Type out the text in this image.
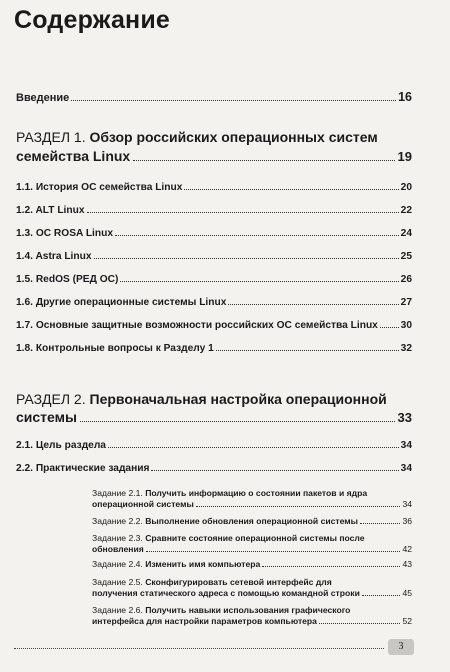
Содержание
Введение	16
РАЗДЕЛ 1. Обзор российских операционных систем
семейства Linux	19
1.1. История ОС семейства Linux	20
1.2. ALT Linux	22
1.3. ОС ROSA Linux	24
1.4. Astra Linux	25
1.5. RedOS (РЕД ОС)	26
1.6. Другие операционные системы Linux	27
1.7. Основные защитные возможности российских ОС семейства Linux 30
1.8. Контрольные вопросы к Разделу 1	32
РАЗДЕЛ 2. Первоначальная настройка операционной
системы	33
2.1. Цель раздела	34
2.2. Практические задания	34
Задание 2.1. Получить информацию о состоянии пакетов и ядра
операционной системы	34
Задание 2.2.
Выполнение обновления операционной системы	36
Задание 2.3. Сравните состояние операционной системы после
обновления	42
Задание 2.4.
Изменить имя компьютера	43
Задание 2.5. Сконфигурировать сетевой интерфейс для
получения статического адреса с помощью командной строки	45
Задание 2.6. Получить навыки использования графического
интерфейса для настройки параметров компьютера	52
3
